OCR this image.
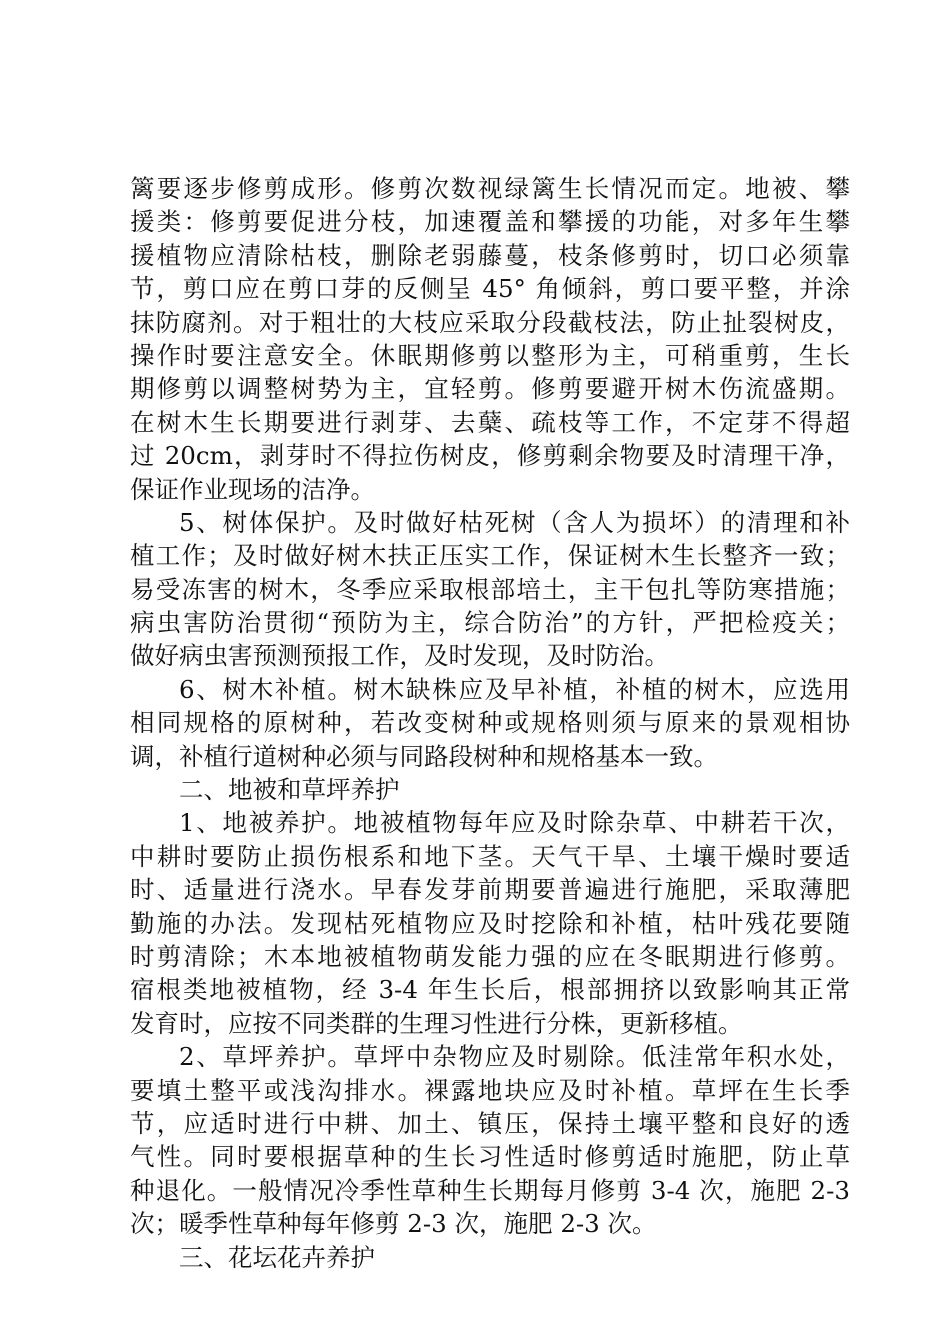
篱要逐步修剪成形。修剪次数视绿篱生长情况而定。地被、攀
援类：修剪要促进分枝，加速覆盖和攀援的功能，对多年生攀
援植物应清除枯枝，删除老弱藤蔓，枝条修剪时，切口必须靠
节，剪口应在剪口芽的反侧呈 45° 角倾斜，剪口要平整，并涂
抹防腐剂。对于粗壮的大枝应采取分段截枝法，防止扯裂树皮，
操作时要注意安全。休眠期修剪以整形为主，可稍重剪，生长
期修剪以调整树势为主，宜轻剪。修剪要避开树木伤流盛期。
在树木生长期要进行剥芽、去蘖、疏枝等工作，不定芽不得超
过 20cm，剥芽时不得拉伤树皮，修剪剩余物要及时清理干净，
保证作业现场的洁净。
5、树体保护。及时做好枯死树（含人为损坏）的清理和补
植工作；及时做好树木扶正压实工作，保证树木生长整齐一致；
易受冻害的树木，冬季应采取根部培土，主干包扎等防寒措施；
病虫害防治贯彻“预防为主，综合防治”的方针，严把检疫关；
做好病虫害预测预报工作，及时发现，及时防治。
6、树木补植。树木缺株应及早补植，补植的树木，应选用
相同规格的原树种，若改变树种或规格则须与原来的景观相协
调，补植行道树种必须与同路段树种和规格基本一致。
二、地被和草坪养护
1、地被养护。地被植物每年应及时除杂草、中耕若干次，
中耕时要防止损伤根系和地下茎。天气干旱、土壤干燥时要适
时、适量进行浇水。早春发芽前期要普遍进行施肥，采取薄肥
勤施的办法。发现枯死植物应及时挖除和补植，枯叶残花要随
时剪清除；木本地被植物萌发能力强的应在冬眠期进行修剪。
宿根类地被植物，经 3-4 年生长后，根部拥挤以致影响其正常
发育时，应按不同类群的生理习性进行分株，更新移植。
2、草坪养护。草坪中杂物应及时剔除。低洼常年积水处，
要填土整平或浅沟排水。裸露地块应及时补植。草坪在生长季
节，应适时进行中耕、加土、镇压，保持土壤平整和良好的透
气性。同时要根据草种的生长习性适时修剪适时施肥，防止草
种退化。一般情况冷季性草种生长期每月修剪 3-4 次，施肥 2-3
次；暖季性草种每年修剪 2-3 次，施肥 2-3 次。
三、花坛花卉养护
